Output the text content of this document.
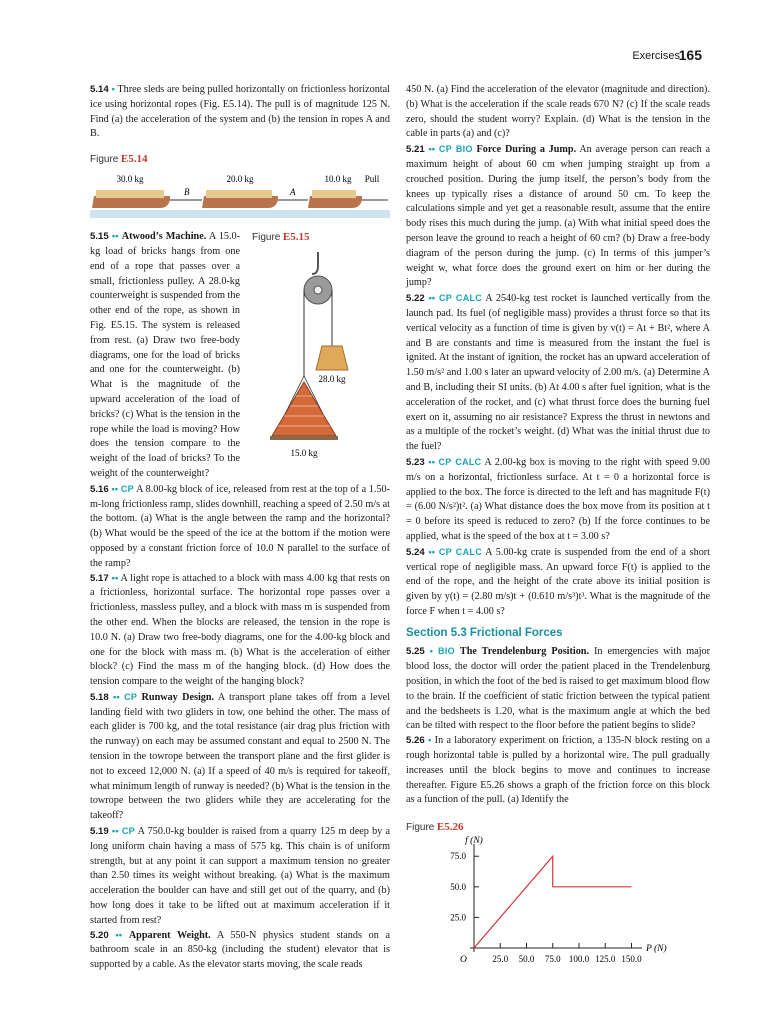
Exercises
165

5.14 • Three sleds are being pulled horizontally on frictionless horizontal ice using horizontal ropes (Fig. E5.14). The pull is of magnitude 125 N. Find (a) the acceleration of the system and (b) the tension in ropes A and B.

Figure E5.14
30.0 kg
B
20.0 kg
A
10.0 kg Pull
Figure E5.15
28.0 kg
15.0 kg

5.15 •• Atwood’s Machine. A 15.0-kg load of bricks hangs from one end of a rope that passes over a small, frictionless pulley. A 28.0-kg counterweight is suspended from the other end of the rope, as shown in Fig. E5.15. The system is released from rest. (a) Draw two free-body diagrams, one for the load of bricks and one for the counterweight. (b) What is the magnitude of the upward acceleration of the load of bricks? (c) What is the tension in the rope while the load is moving? How does the tension compare to the weight of the load of bricks? To the weight of the counterweight?

5.16 •• CP A 8.00-kg block of ice, released from rest at the top of a 1.50-m-long frictionless ramp, slides downhill, reaching a speed of 2.50 m/s at the bottom. (a) What is the angle between the ramp and the horizontal? (b) What would be the speed of the ice at the bottom if the motion were opposed by a constant friction force of 10.0 N parallel to the surface of the ramp?

5.17 •• A light rope is attached to a block with mass 4.00 kg that rests on a frictionless, horizontal surface. The horizontal rope passes over a frictionless, massless pulley, and a block with mass m is suspended from the other end. When the blocks are released, the tension in the rope is 10.0 N. (a) Draw two free-body diagrams, one for the 4.00-kg block and one for the block with mass m. (b) What is the acceleration of either block? (c) Find the mass m of the hanging block. (d) How does the tension compare to the weight of the hanging block?

5.18 •• CP Runway Design. A transport plane takes off from a level landing field with two gliders in tow, one behind the other. The mass of each glider is 700 kg, and the total resistance (air drag plus friction with the runway) on each may be assumed constant and equal to 2500 N. The tension in the towrope between the transport plane and the first glider is not to exceed 12,000 N. (a) If a speed of 40 m/s is required for takeoff, what minimum length of runway is needed? (b) What is the tension in the towrope between the two gliders while they are accelerating for the takeoff?

5.19 •• CP A 750.0-kg boulder is raised from a quarry 125 m deep by a long uniform chain having a mass of 575 kg. This chain is of uniform strength, but at any point it can support a maximum tension no greater than 2.50 times its weight without breaking. (a) What is the maximum acceleration the boulder can have and still get out of the quarry, and (b) how long does it take to be lifted out at maximum acceleration if it started from rest?

5.20 •• Apparent Weight. A 550-N physics student stands on a bathroom scale in an 850-kg (including the student) elevator that is supported by a cable. As the elevator starts moving, the scale reads

450 N. (a) Find the acceleration of the elevator (magnitude and direction). (b) What is the acceleration if the scale reads 670 N? (c) If the scale reads zero, should the student worry? Explain. (d) What is the tension in the cable in parts (a) and (c)?

5.21 •• CP BIO Force During a Jump. An average person can reach a maximum height of about 60 cm when jumping straight up from a crouched position. During the jump itself, the person’s body from the knees up typically rises a distance of around 50 cm. To keep the calculations simple and yet get a reasonable result, assume that the entire body rises this much during the jump. (a) With what initial speed does the person leave the ground to reach a height of 60 cm? (b) Draw a free-body diagram of the person during the jump. (c) In terms of this jumper’s weight w, what force does the ground exert on him or her during the jump?

5.22 •• CP CALC A 2540-kg test rocket is launched vertically from the launch pad. Its fuel (of negligible mass) provides a thrust force so that its vertical velocity as a function of time is given by v(t) = At + Bt², where A and B are constants and time is measured from the instant the fuel is ignited. At the instant of ignition, the rocket has an upward acceleration of 1.50 m/s² and 1.00 s later an upward velocity of 2.00 m/s. (a) Determine A and B, including their SI units. (b) At 4.00 s after fuel ignition, what is the acceleration of the rocket, and (c) what thrust force does the burning fuel exert on it, assuming no air resistance? Express the thrust in newtons and as a multiple of the rocket’s weight. (d) What was the initial thrust due to the fuel?

5.23 •• CP CALC A 2.00-kg box is moving to the right with speed 9.00 m/s on a horizontal, frictionless surface. At t = 0 a horizontal force is applied to the box. The force is directed to the left and has magnitude F(t) = (6.00 N/s²)t². (a) What distance does the box move from its position at t = 0 before its speed is reduced to zero? (b) If the force continues to be applied, what is the speed of the box at t = 3.00 s?

5.24 •• CP CALC A 5.00-kg crate is suspended from the end of a short vertical rope of negligible mass. An upward force F(t) is applied to the end of the rope, and the height of the crate above its initial position is given by y(t) = (2.80 m/s)t + (0.610 m/s³)t³. What is the magnitude of the force F when t = 4.00 s?

Section 5.3 Frictional Forces

5.25 • BIO The Trendelenburg Position. In emergencies with major blood loss, the doctor will order the patient placed in the Trendelenburg position, in which the foot of the bed is raised to get maximum blood flow to the brain. If the coefficient of static friction between the typical patient and the bedsheets is 1.20, what is the maximum angle at which the bed can be tilted with respect to the floor before the patient begins to slide?

5.26 • In a laboratory experiment on friction, a 135-N block resting on a rough horizontal table is pulled by a horizontal wire. The pull gradually increases until the block begins to move and continues to increase thereafter. Figure E5.26 shows a graph of the friction force on this block as a function of the pull. (a) Identify the

Figure E5.26
f (N)
P (N)
O	25.0 50.0 75.0 100.0 125.0 150.0
25.0
50.0
75.0
